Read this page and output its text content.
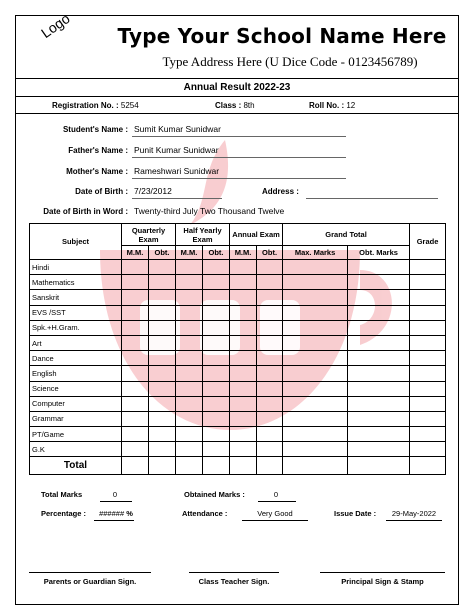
Logo Type Your School Name Here
Type Address Here (U Dice Code - 0123456789)
Annual Result 2022-23
Registration No. : 5254	Class : 8th	Roll No. : 12
Student's Name : Sumit Kumar Sunidwar
Father's Name : Punit Kumar Sunidwar
Mother's Name : Rameshwari Sunidwar
Date of Birth : 7/23/2012	Address :
Date of Birth in Word : Twenty-third July Two Thousand Twelve
Subject	Quarterly Exam		Half Yearly Exam		Annual Exam		Grand Total		Grade
	M.M.	Obt.	M.M.	Obt.	M.M.	Obt.	Max. Marks	Obt. Marks	
Hindi									
Mathematics									
Sanskrit									
EVS /SST									
Spk.+H.Gram.									
Art									
Dance									
English									
Science									
Computer									
Grammar									
PT/Game									
G.K									
Total									
Total Marks	0	Obtained Marks :	0
Percentage :	###### %	Attendance :	Very Good	Issue Date :	29-May-2022
Parents or Guardian Sign.	Class Teacher Sign.	Principal Sign & Stamp
